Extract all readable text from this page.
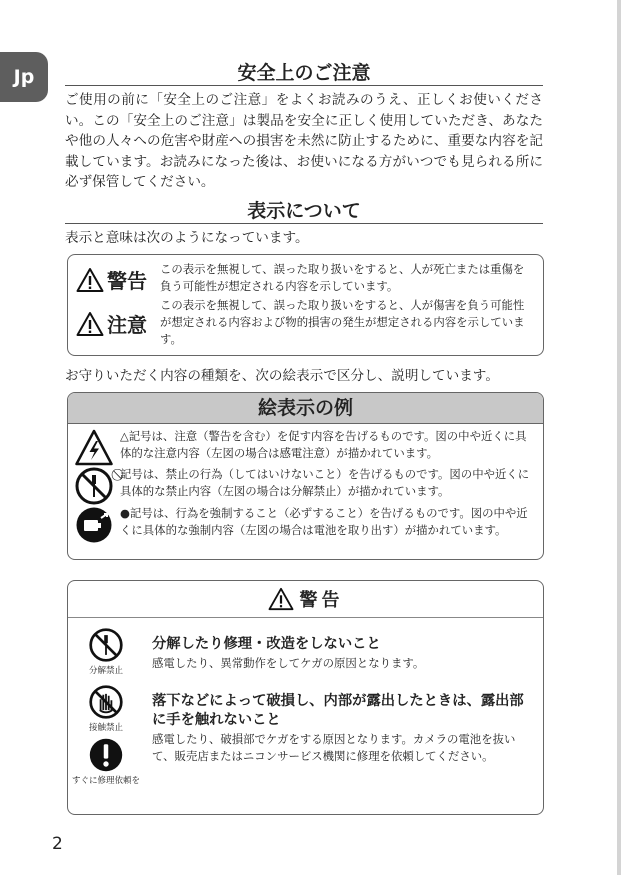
Jp	安全上のご注意
ご使用の前に「安全上のご注意」をよくお読みのうえ、正しくお使いください。この「安全上のご注意」は製品を安全に正しく使用していただき、あなたや他の人々への危害や財産への損害を未然に防止するために、重要な内容を記載しています。お読みになった後は、お使いになる方がいつでも見られる所に必ず保管してください。
表示について
表示と意味は次のようになっています。
警告 この表示を無視して、誤った取り扱いをすると、人が死亡または重傷を負う可能性が想定される内容を示しています。
注意
この表示を無視して、誤った取り扱いをすると、人が傷害を負う可能性が想定される内容および物的損害の発生が想定される内容を示しています。
お守りいただく内容の種類を、次の絵表示で区分し、説明しています。
絵表示の例
△記号は、注意（警告を含む）を促す内容を告げるものです。図の中や近くに具体的な注意内容（左図の場合は感電注意）が描かれています。
⃠記号は、禁止の行為（してはいけないこと）を告げるものです。図の中や近くに具体的な禁止内容（左図の場合は分解禁止）が描かれています。
●記号は、行為を強制すること（必ずすること）を告げるものです。図の中や近くに具体的な強制内容（左図の場合は電池を取り出す）が描かれています。
警告
分解禁止
接触禁止
すぐに修理依頼を
分解したり修理・改造をしないこと
感電したり、異常動作をしてケガの原因となります。
落下などによって破損し、内部が露出したときは、露出部に手を触れないこと
感電したり、破損部でケガをする原因となります。カメラの電池を抜いて、販売店またはニコンサービス機関に修理を依頼してください。
2
